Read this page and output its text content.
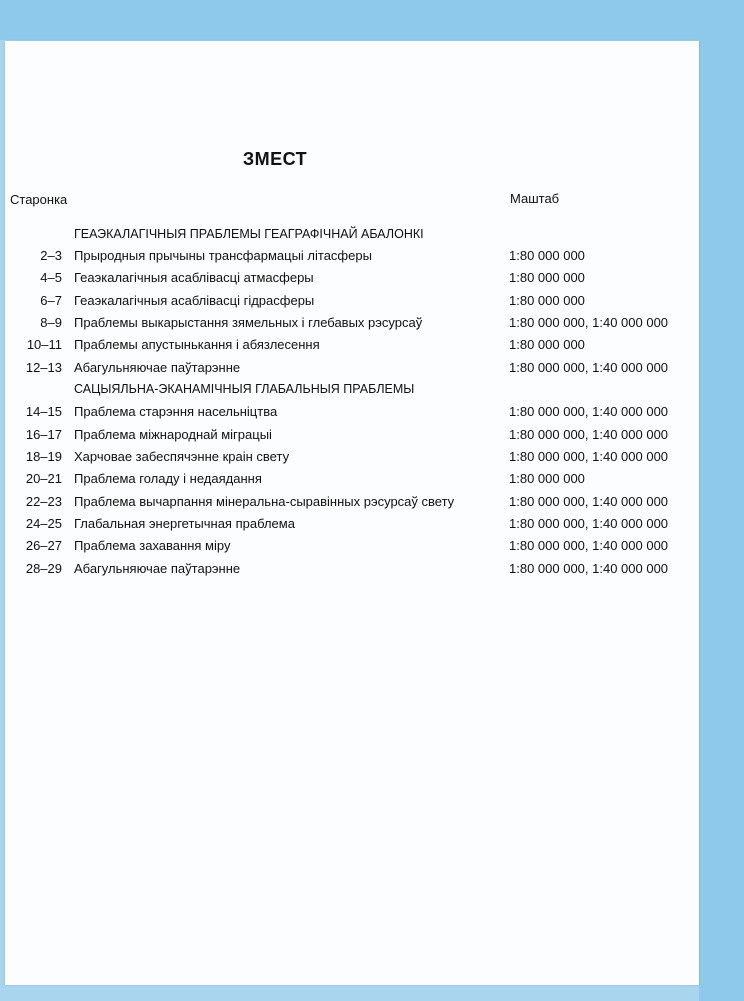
ЗМЕСТ
Старонка	Маштаб
ГЕАЭКАЛАГІЧНЫЯ ПРАБЛЕМЫ ГЕАГРАФІЧНАЙ АБАЛОНКІ
2–3 Прыродныя прычыны трансфармацыі літасферы	1:80 000 000
4–5 Геаэкалагічныя асаблівасці атмасферы	1:80 000 000
6–7 Геаэкалагічныя асаблівасці гідрасферы	1:80 000 000
8–9 Праблемы выкарыстання зямельных і глебавых рэсурсаў	1:80 000 000, 1:40 000 000
10–11 Праблемы апустынькання і абязлесення	1:80 000 000
12–13 Абагульняючае паўтарэнне	1:80 000 000, 1:40 000 000
САЦЫЯЛЬНА-ЭКАНАМІЧНЫЯ ГЛАБАЛЬНЫЯ ПРАБЛЕМЫ
14–15 Праблема старэння насельніцтва	1:80 000 000, 1:40 000 000
16–17 Праблема міжнароднай міграцыі	1:80 000 000, 1:40 000 000
18–19 Харчовае забеспячэнне краін свету	1:80 000 000, 1:40 000 000
20–21 Праблема голаду і недаядання	1:80 000 000
22–23 Праблема вычарпання мінеральна-сыравінных рэсурсаў свету	1:80 000 000, 1:40 000 000
24–25 Глабальная энергетычная праблема	1:80 000 000, 1:40 000 000
26–27 Праблема захавання міру	1:80 000 000, 1:40 000 000
28–29 Абагульняючае паўтарэнне	1:80 000 000, 1:40 000 000
